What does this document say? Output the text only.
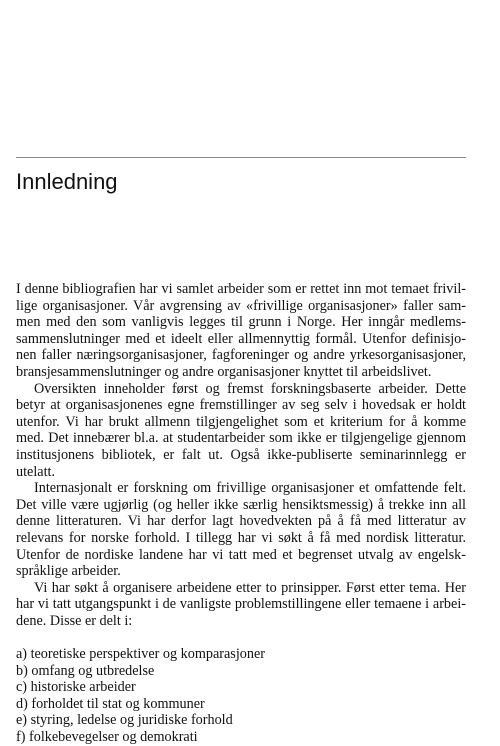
Innledning
I denne bibliografien har vi samlet arbeider som er rettet inn mot temaet frivil-
lige organisasjoner. Vår avgrensing av «frivillige organisasjoner» faller sam-
men med den som vanligvis legges til grunn i Norge. Her inngår medlems-
sammenslutninger med et ideelt eller allmennyttig formål. Utenfor definisjo-
nen faller næringsorganisasjoner, fagforeninger og andre yrkesorganisasjoner,
bransjesammenslutninger og andre organisasjoner knyttet til arbeidslivet.
Oversikten inneholder først og fremst forskningsbaserte arbeider. Dette
betyr at organisasjonenes egne fremstillinger av seg selv i hovedsak er holdt
utenfor. Vi har brukt allmenn tilgjengelighet som et kriterium for å komme
med. Det innebærer bl.a. at studentarbeider som ikke er tilgjengelige gjennom
institusjonens bibliotek, er falt ut. Også ikke-publiserte seminarinnlegg er
utelatt.
Internasjonalt er forskning om frivillige organisasjoner et omfattende felt.
Det ville være ugjørlig (og heller ikke særlig hensiktsmessig) å trekke inn all
denne litteraturen. Vi har derfor lagt hovedvekten på å få med litteratur av
relevans for norske forhold. I tillegg har vi søkt å få med nordisk litteratur.
Utenfor de nordiske landene har vi tatt med et begrenset utvalg av engelsk-
språklige arbeider.
Vi har søkt å organisere arbeidene etter to prinsipper. Først etter tema. Her
har vi tatt utgangspunkt i de vanligste problemstillingene eller temaene i arbei-
dene. Disse er delt i:
a) teoretiske perspektiver og komparasjoner
b) omfang og utbredelse
c) historiske arbeider
d) forholdet til stat og kommuner
e) styring, ledelse og juridiske forhold
f) folkebevegelser og demokrati
